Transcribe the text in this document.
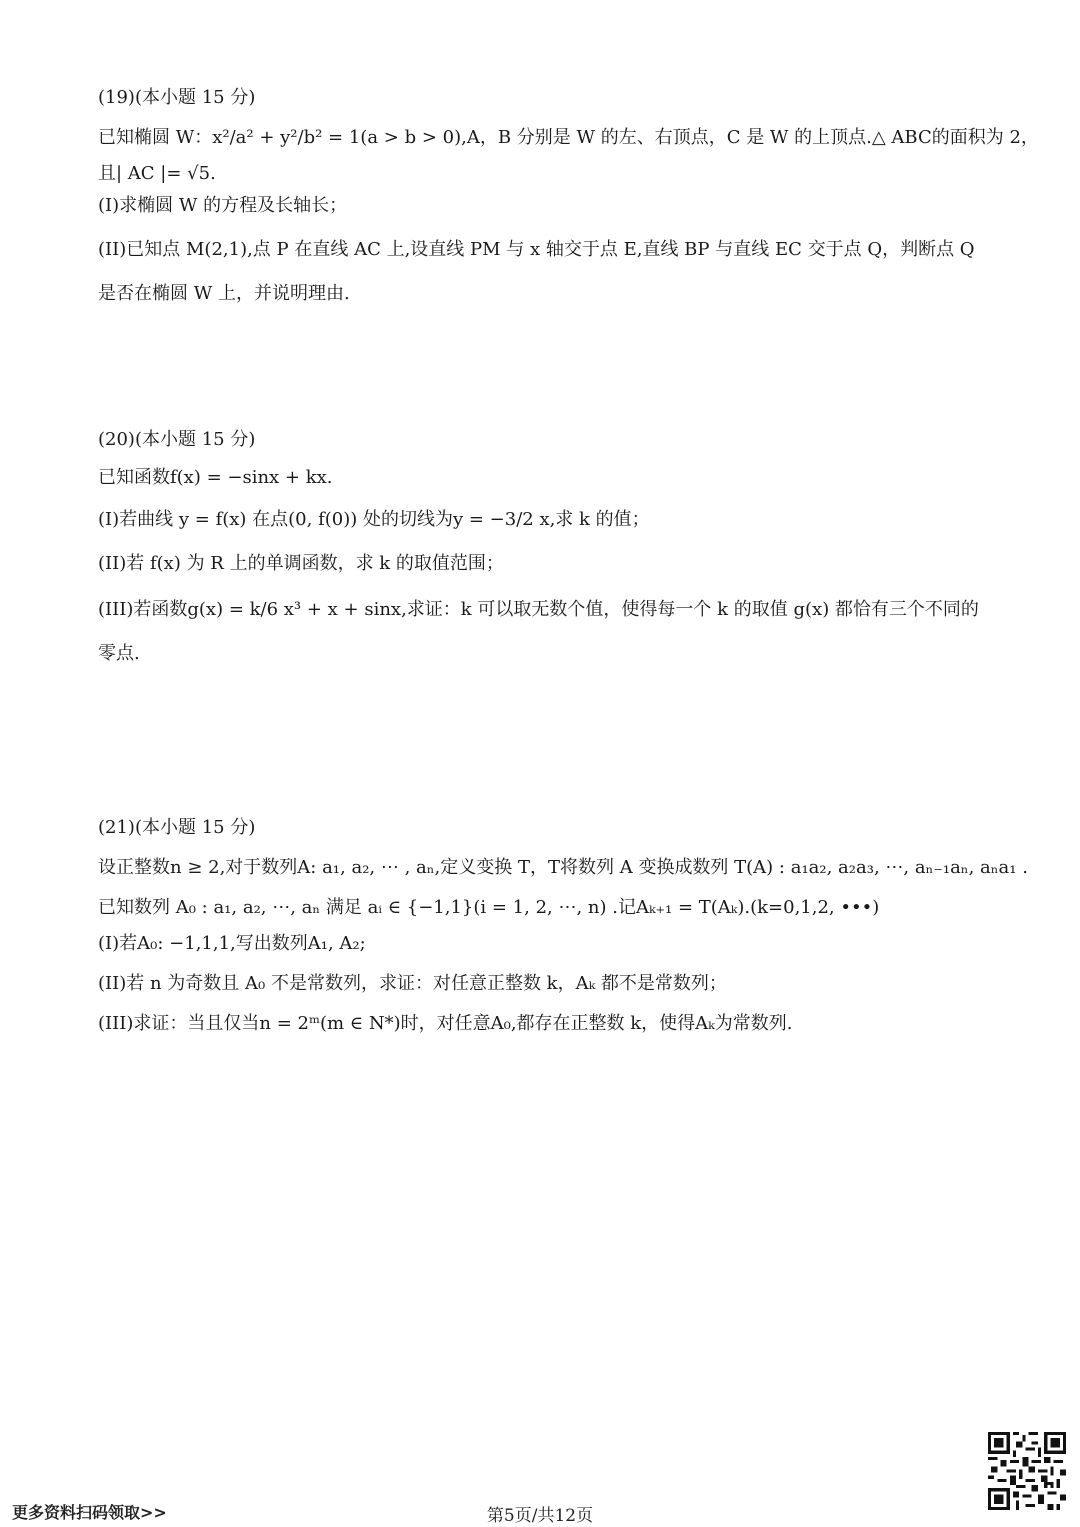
(19)(本小题 15 分)

已知椭圆 W：x²/a² + y²/b² = 1(a > b > 0),A，B 分别是 W 的左、右顶点，C 是 W 的上顶点.△ ABC的面积为 2，

且| AC |= √5.

(I)求椭圆 W 的方程及长轴长；

(II)已知点 M(2,1),点 P 在直线 AC 上,设直线 PM 与 x 轴交于点 E,直线 BP 与直线 EC 交于点 Q，判断点 Q

是否在椭圆 W 上，并说明理由.

(20)(本小题 15 分)

已知函数f(x) = −sinx + kx.

(I)若曲线 y = f(x) 在点(0, f(0)) 处的切线为y = −3/2 x,求 k 的值；

(II)若 f(x) 为 R 上的单调函数，求 k 的取值范围；

(III)若函数g(x) = k/6 x³ + x + sinx,求证：k 可以取无数个值，使得每一个 k 的取值 g(x) 都恰有三个不同的

零点.

(21)(本小题 15 分)

设正整数n ≥ 2,对于数列A: a₁, a₂, ⋯ , aₙ,定义变换 T，T将数列 A 变换成数列 T(A) : a₁a₂, a₂a₃, ⋯, aₙ₋₁aₙ, aₙa₁ .

已知数列 A₀ : a₁, a₂, ⋯, aₙ 满足 aᵢ ∈ {−1,1}(i = 1, 2, ⋯, n) .记Aₖ₊₁ = T(Aₖ).(k=0,1,2, •••)

(I)若A₀: −1,1,1,写出数列A₁, A₂;

(II)若 n 为奇数且 A₀ 不是常数列，求证：对任意正整数 k，Aₖ 都不是常数列；

(III)求证：当且仅当n = 2ᵐ(m ∈ N*)时，对任意A₀,都存在正整数 k，使得Aₖ为常数列.

更多资料扫码领取>>	第5页/共12页
